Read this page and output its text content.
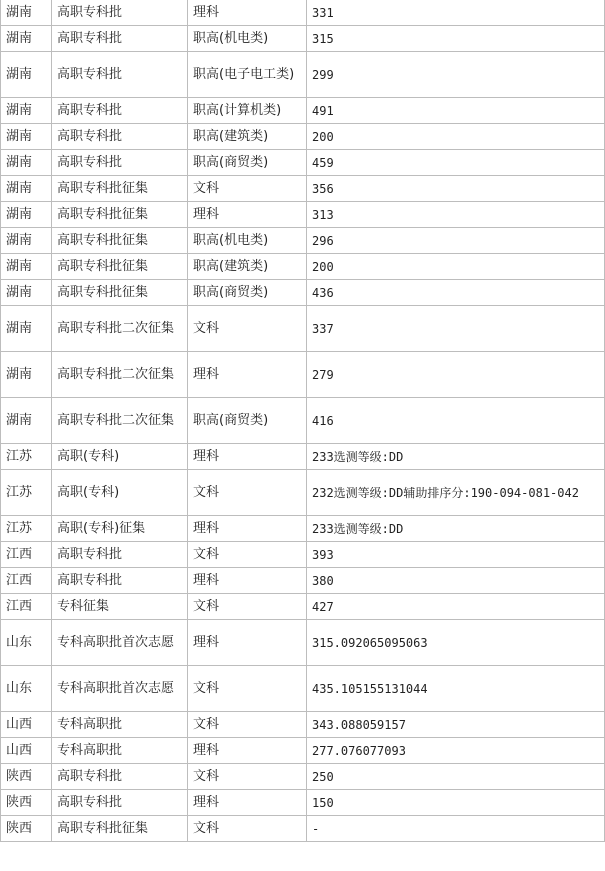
湖南	高职专科批	理科	331
湖南	高职专科批	职高(机电类)	315
湖南	高职专科批	职高(电子电工类)	299
湖南	高职专科批	职高(计算机类)	491
湖南	高职专科批	职高(建筑类)	200
湖南	高职专科批	职高(商贸类)	459
湖南	高职专科批征集	文科	356
湖南	高职专科批征集	理科	313
湖南	高职专科批征集	职高(机电类)	296
湖南	高职专科批征集	职高(建筑类)	200
湖南	高职专科批征集	职高(商贸类)	436
湖南	高职专科批二次征集	文科	337
湖南	高职专科批二次征集	理科	279
湖南	高职专科批二次征集	职高(商贸类)	416
江苏	高职(专科)	理科	233选测等级:DD
江苏	高职(专科)	文科	232选测等级:DD辅助排序分:190-094-081-042
江苏	高职(专科)征集	理科	233选测等级:DD
江西	高职专科批	文科	393
江西	高职专科批	理科	380
江西	专科征集	文科	427
山东	专科高职批首次志愿	理科	315.092065095063
山东	专科高职批首次志愿	文科	435.105155131044
山西	专科高职批	文科	343.088059157
山西	专科高职批	理科	277.076077093
陕西	高职专科批	文科	250
陕西	高职专科批	理科	150
陕西	高职专科批征集	文科	-
